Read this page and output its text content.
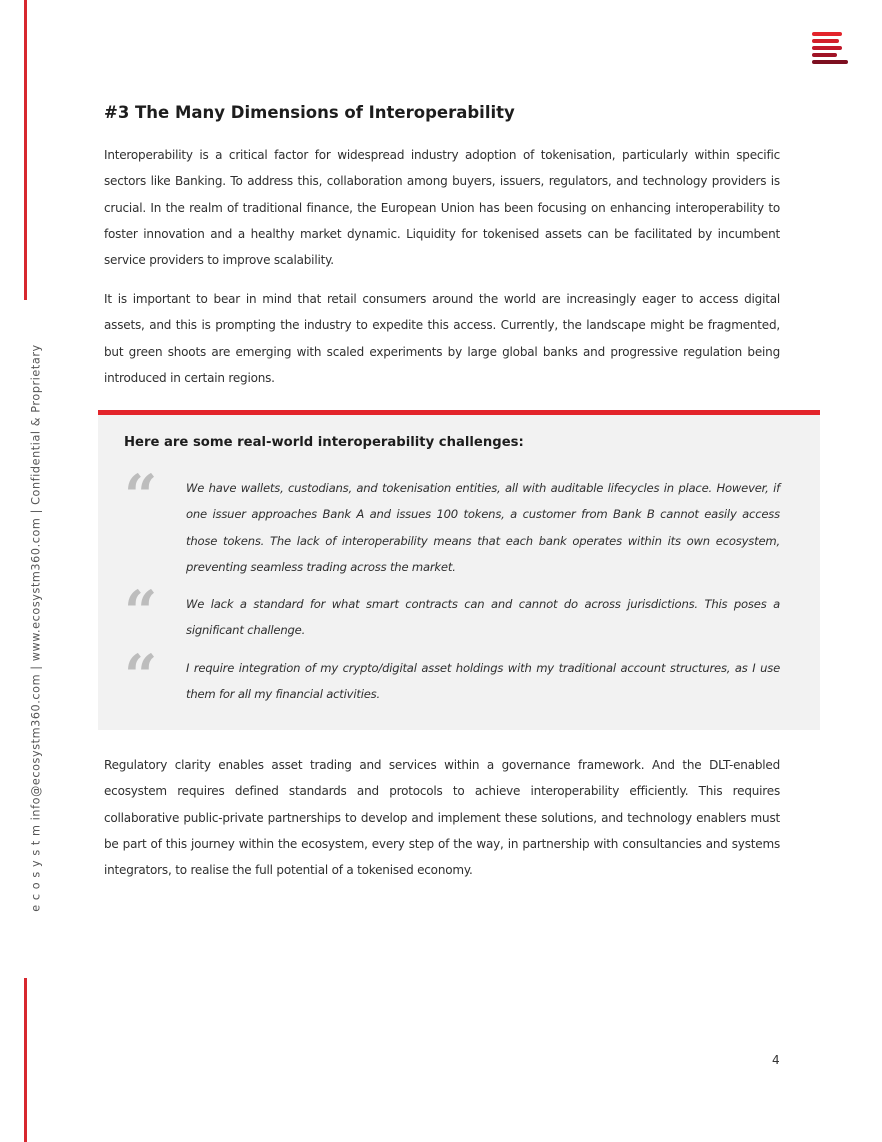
e c o s y s t m info@ecosystm360.com | www.ecosystm360.com | Confidential & Proprietary
#3 The Many Dimensions of Interoperability

Interoperability is a critical factor for widespread industry adoption of tokenisation, particularly within specific sectors like Banking. To address this, collaboration among buyers, issuers, regulators, and technology providers is crucial. In the realm of traditional finance, the European Union has been focusing on enhancing interoperability to foster innovation and a healthy market dynamic. Liquidity for tokenised assets can be facilitated by incumbent service providers to improve scalability.

It is important to bear in mind that retail consumers around the world are increasingly eager to access digital assets, and this is prompting the industry to expedite this access. Currently, the landscape might be fragmented, but green shoots are emerging with scaled experiments by large global banks and progressive regulation being introduced in certain regions.

Here are some real-world interoperability challenges:
“ We have wallets, custodians, and tokenisation entities, all with auditable lifecycles in place. However, if one issuer approaches Bank A and issues 100 tokens, a customer from Bank B cannot easily access those tokens. The lack of interoperability means that each bank operates within its own ecosystem, preventing seamless trading across the market.

“ We lack a standard for what smart contracts can and cannot do across jurisdictions. This poses a significant challenge.

“ I require integration of my crypto/digital asset holdings with my traditional account structures, as I use them for all my financial activities.

Regulatory clarity enables asset trading and services within a governance framework. And the DLT-enabled ecosystem requires defined standards and protocols to achieve interoperability efficiently. This requires collaborative public-private partnerships to develop and implement these solutions, and technology enablers must be part of this journey within the ecosystem, every step of the way, in partnership with consultancies and systems integrators, to realise the full potential of a tokenised economy.

4
